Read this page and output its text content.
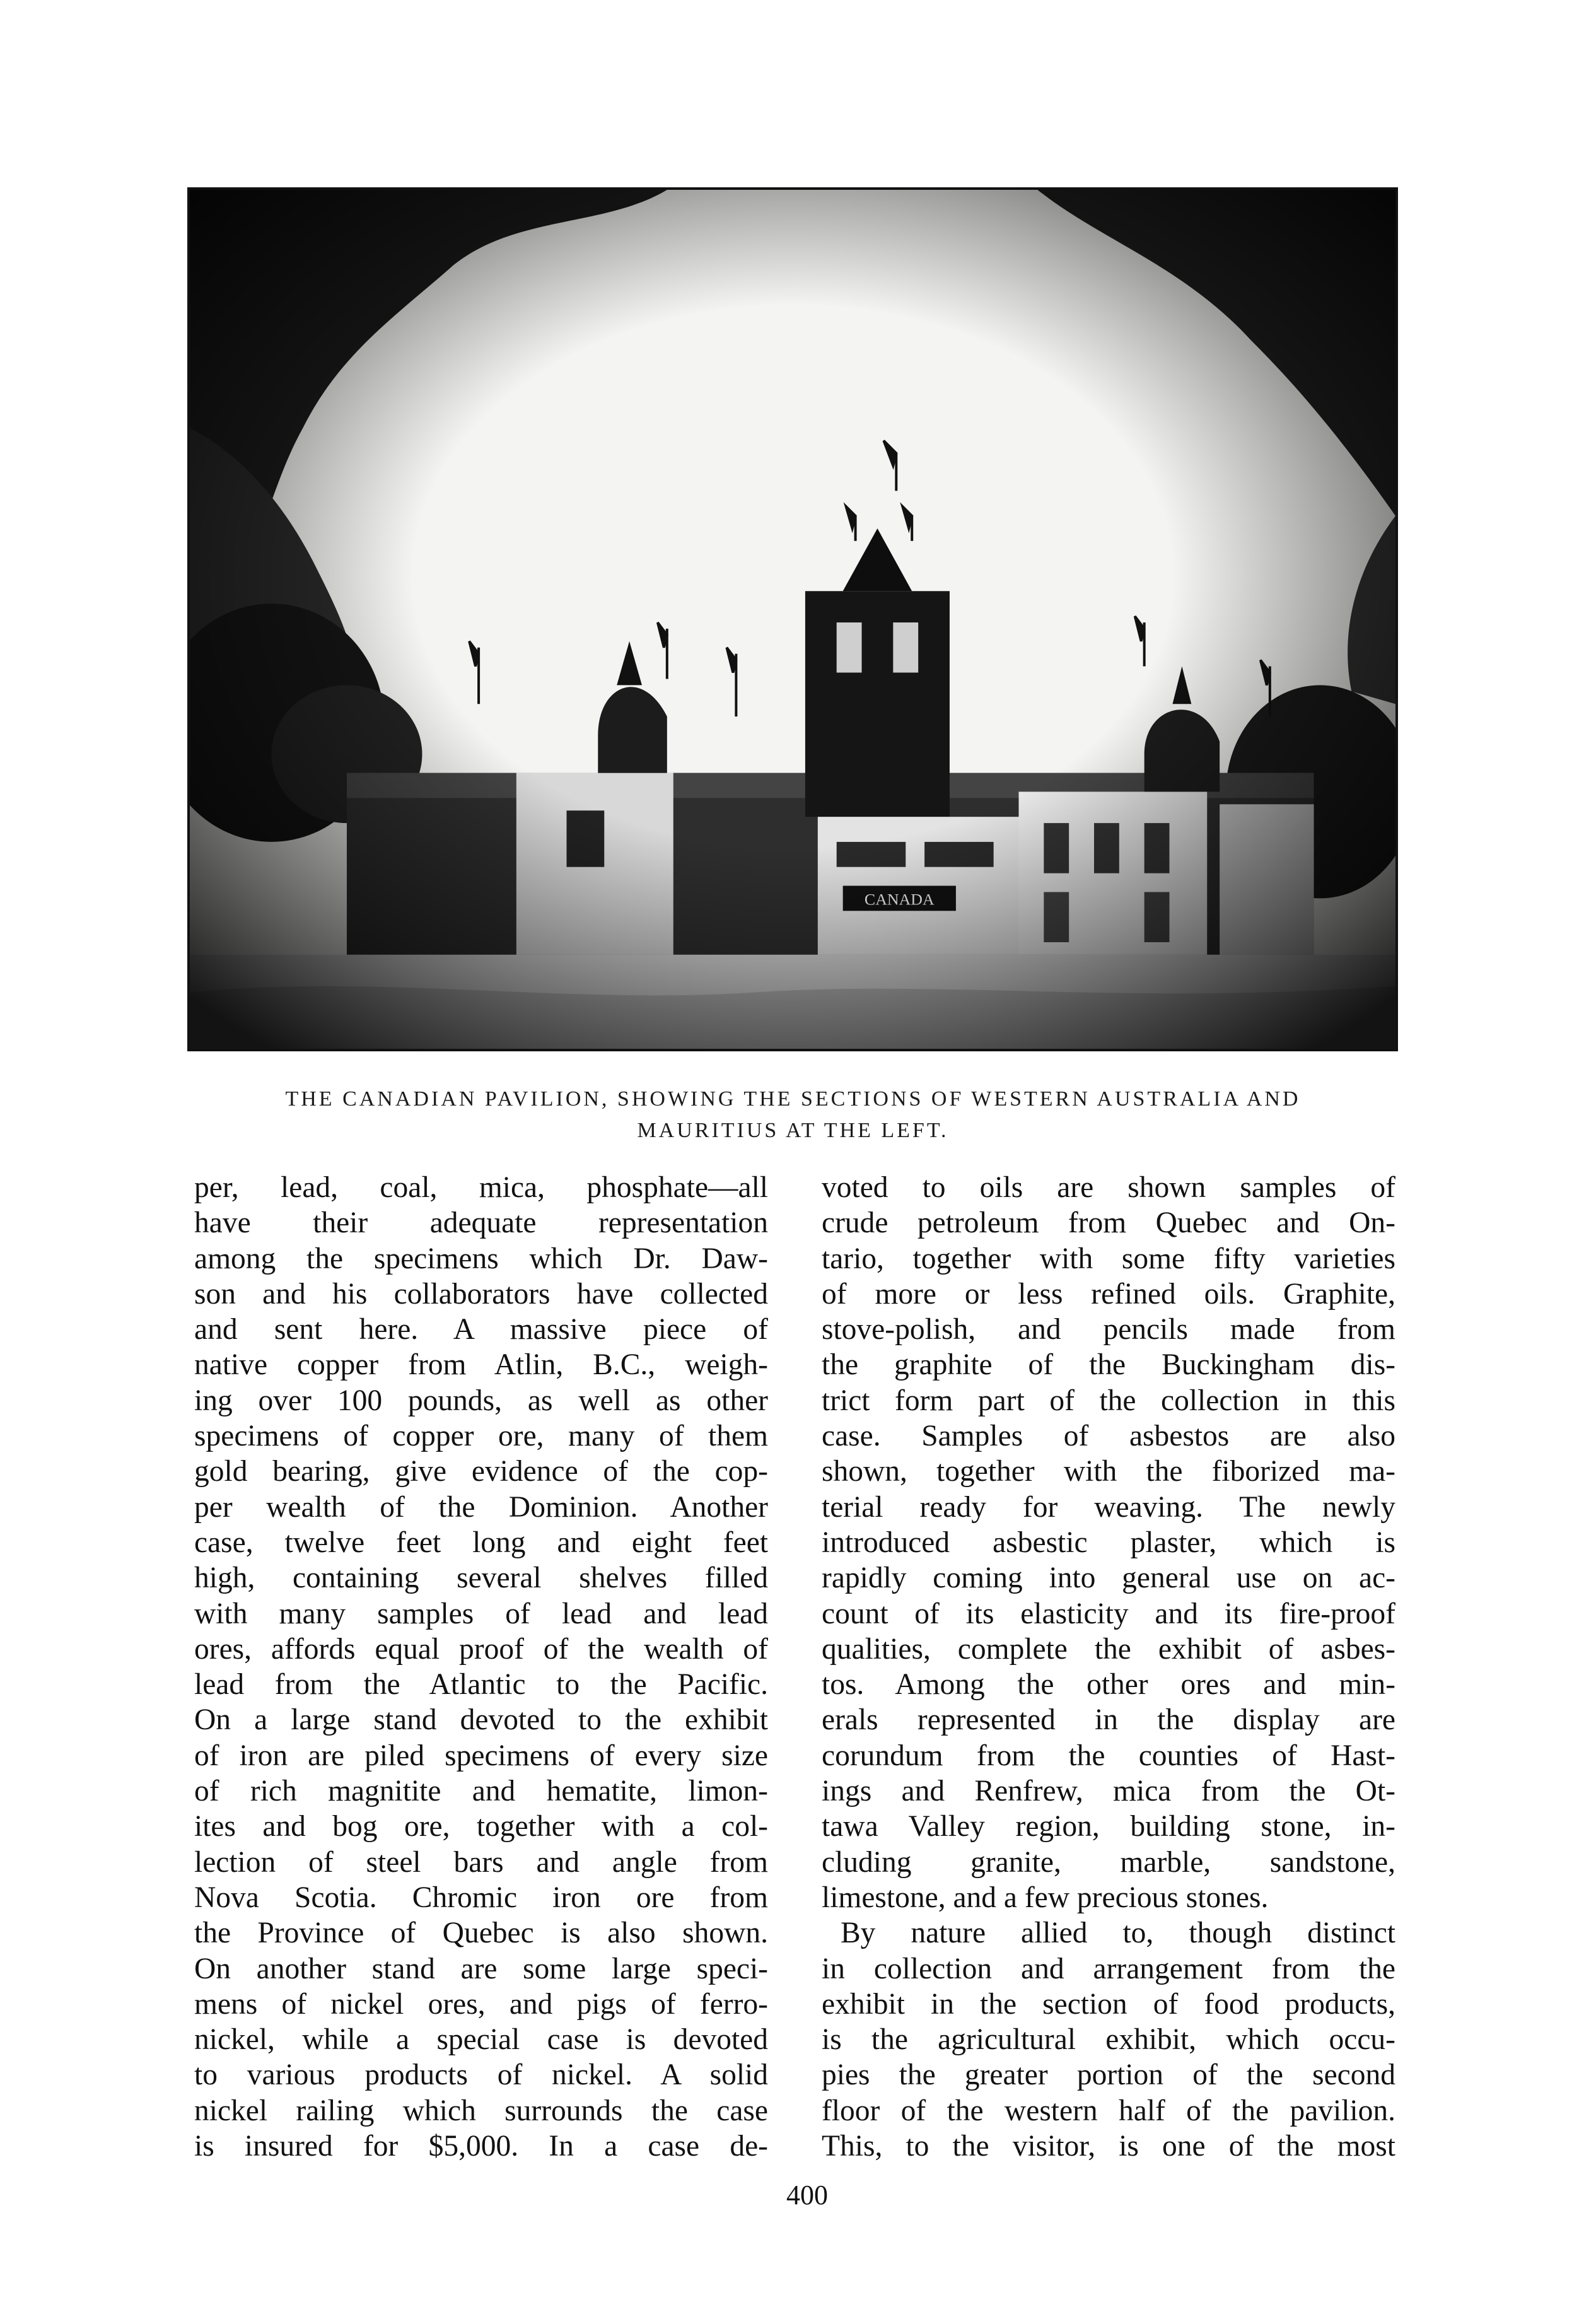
THE CANADIAN PAVILION, SHOWING THE SECTIONS OF WESTERN AUSTRALIA AND
MAURITIUS AT THE LEFT.
per, lead, coal, mica, phosphate—all
have their adequate representation
among the specimens which Dr. Daw-
son and his collaborators have collected
and sent here. A massive piece of
native copper from Atlin, B.C., weigh-
ing over 100 pounds, as well as other
specimens of copper ore, many of them
gold bearing, give evidence of the cop-
per wealth of the Dominion. Another
case, twelve feet long and eight feet
high, containing several shelves filled
with many samples of lead and lead
ores, affords equal proof of the wealth of
lead from the Atlantic to the Pacific.
On a large stand devoted to the exhibit
of iron are piled specimens of every size
of rich magnitite and hematite, limon-
ites and bog ore, together with a col-
lection of steel bars and angle from
Nova Scotia. Chromic iron ore from
the Province of Quebec is also shown.
On another stand are some large speci-
mens of nickel ores, and pigs of ferro-
nickel, while a special case is devoted
to various products of nickel. A solid
nickel railing which surrounds the case
is insured for $5,000. In a case de-
voted to oils are shown samples of
crude petroleum from Quebec and On-
tario, together with some fifty varieties
of more or less refined oils. Graphite,
stove-polish, and pencils made from
the graphite of the Buckingham dis-
trict form part of the collection in this
case. Samples of asbestos are also
shown, together with the fiborized ma-
terial ready for weaving. The newly
introduced asbestic plaster, which is
rapidly coming into general use on ac-
count of its elasticity and its fire-proof
qualities, complete the exhibit of asbes-
tos. Among the other ores and min-
erals represented in the display are
corundum from the counties of Hast-
ings and Renfrew, mica from the Ot-
tawa Valley region, building stone, in-
cluding granite, marble, sandstone,
limestone, and a few precious stones.
By nature allied to, though distinct
in collection and arrangement from the
exhibit in the section of food products,
is the agricultural exhibit, which occu-
pies the greater portion of the second
floor of the western half of the pavilion.
This, to the visitor, is one of the most
400
